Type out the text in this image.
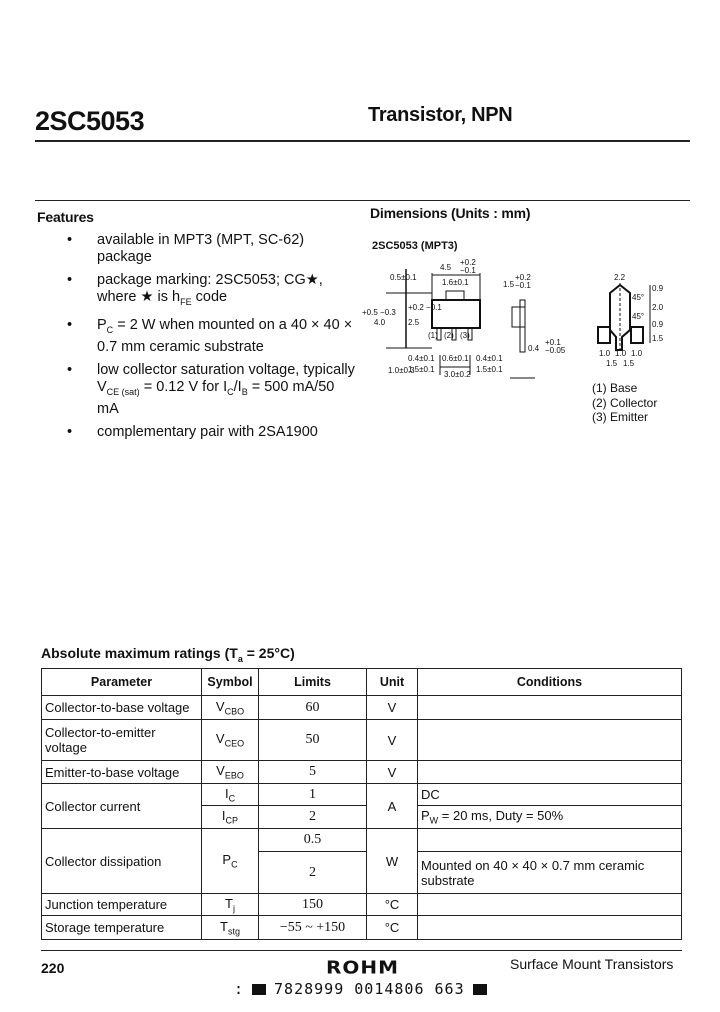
2SC5053	Transistor, NPN
Features
• available in MPT3 (MPT, SC-62) package
• package marking: 2SC5053; CG★, where ★ is $h_{FE}$ code
• $P_C = 2$ W when mounted on a 40 × 40 × 0.7 mm ceramic substrate
• low collector saturation voltage, typically $V_{CE (sat)} = 0.12$ V for $I_C/I_B = 500$ mA/50 mA
• complementary pair with 2SA1900
Dimensions (Units : mm)
2SC5053 (MPT3)
4.5
+0.2
−0.1
1.6±0.1
0.5±0.1
4.0
+0.5 −0.3
2.5
+0.2 −0.1
1.0±0.3
1.5
+0.2
−0.1
0.4
+0.1
−0.05
(1) (2) (3)
0.4±0.1 0.6±0.1 0.4±0.1
1.5±0.1	1.5±0.1
3.0±0.2
2.2
0.9
2.0
0.9
1.5
1.0 1.0 1.0
1.5 1.5
45°
45°
(1) Base
(2) Collector
(3) Emitter
Absolute maximum ratings $(T_a = 25^\circ C)$
Parameter	Symbol	Limits	Unit	Conditions
Collector-to-base voltage	$V_{CBO}$	60	V	
Collector-to-emitter voltage	$V_{CEO}$	50	V	
Emitter-to-base voltage	$V_{EBO}$	5	V	
Collector current	$I_C$	1	A	DC
	$I_{CP}$	2		$P_W = 20$ ms, Duty = 50%
Collector dissipation	$P_C$	0.5	W	
		2		Mounted on 40 × 40 × 0.7 mm ceramic substrate
Junction temperature	$T_j$	150	°C	
Storage temperature	$T_{stg}$	−55 ~ +150	°C	
220	ROHM	Surface Mount Transistors
: 7828999 0014806 663
